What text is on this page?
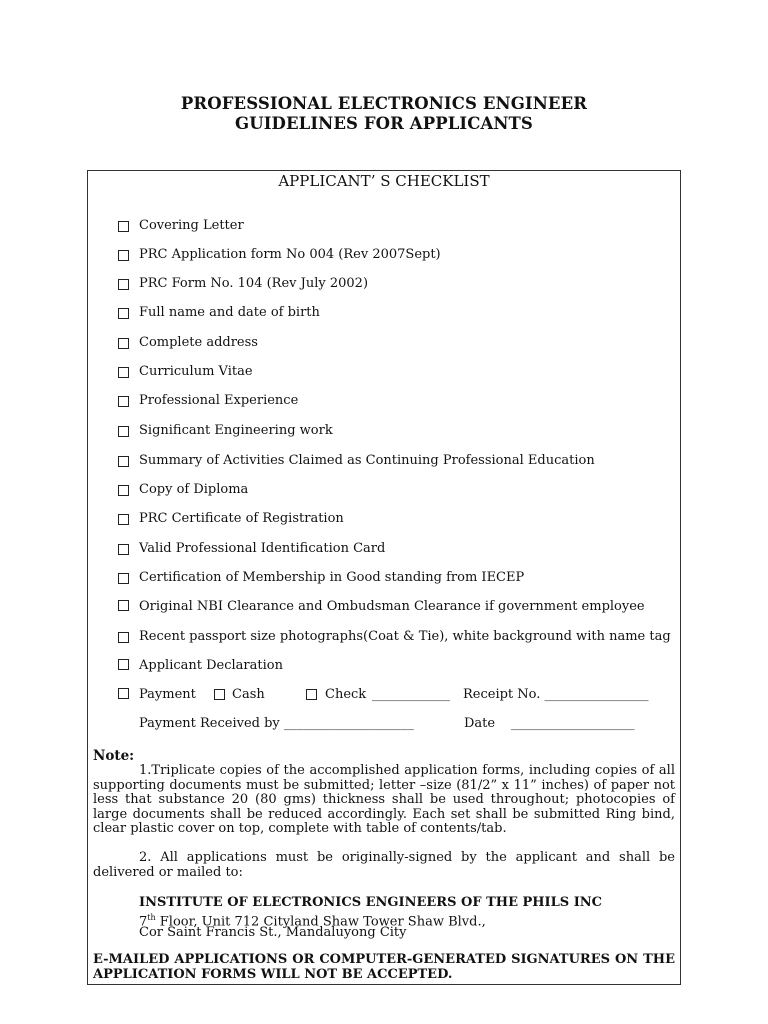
PROFESSIONAL ELECTRONICS ENGINEER
GUIDELINES FOR APPLICANTS
APPLICANT’ S CHECKLIST
Covering Letter
PRC Application form No 004 (Rev 2007Sept)
PRC Form No. 104 (Rev July 2002)
Full name and date of birth
Complete address
Curriculum Vitae
Professional Experience
Significant Engineering work
Summary of Activities Claimed as Continuing Professional Education
Copy of Diploma
PRC Certificate of Registration
Valid Professional Identification Card
Certification of Membership in Good standing from IECEP
Original NBI Clearance and Ombudsman Clearance if government employee
Recent passport size photographs(Coat & Tie), white background with name tag
Applicant Declaration
Payment	Cash	Check ____________ Receipt No. ________________
Payment Received by ____________________	Date ___________________
Note:
1.Triplicate copies of the accomplished application forms, including copies of all supporting documents must be submitted; letter –size (81/2” x 11” inches) of paper not less that substance 20 (80 gms) thickness shall be used throughout; photocopies of large documents shall be reduced accordingly. Each set shall be submitted Ring bind, clear plastic cover on top, complete with table of contents/tab.
2. All applications must be originally-signed by the applicant and shall be delivered or mailed to:
INSTITUTE OF ELECTRONICS ENGINEERS OF THE PHILS INC
7th Floor, Unit 712 Cityland Shaw Tower Shaw Blvd.,
Cor Saint Francis St., Mandaluyong City
E-MAILED APPLICATIONS OR COMPUTER-GENERATED SIGNATURES ON THE APPLICATION FORMS WILL NOT BE ACCEPTED.
